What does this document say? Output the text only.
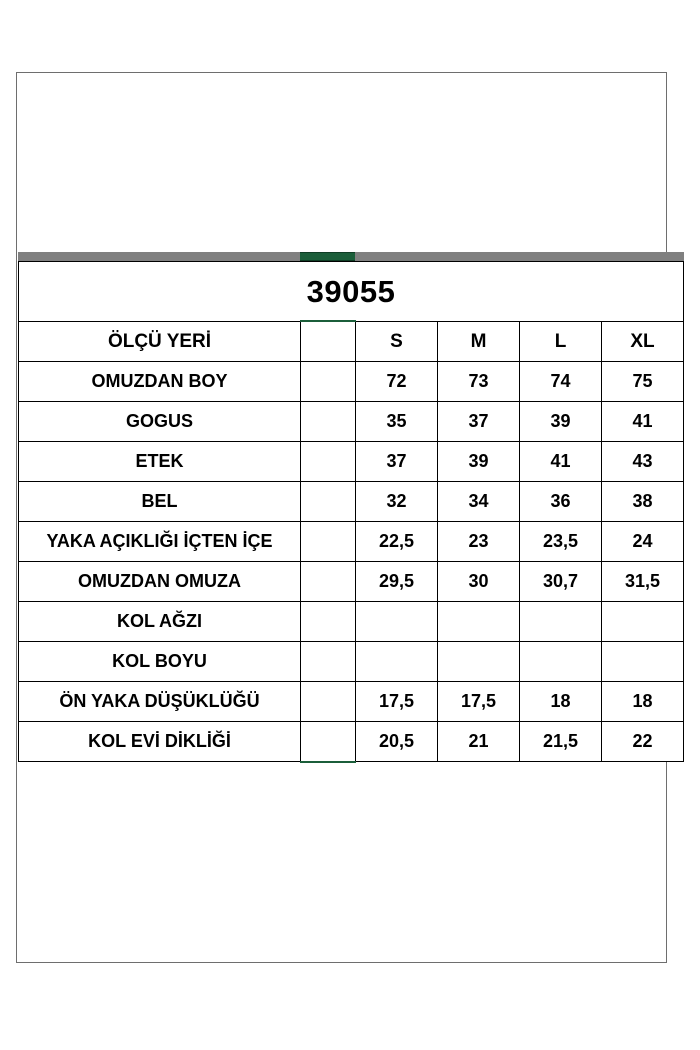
39055					
ÖLÇÜ YERİ		S	M	L	XL
OMUZDAN BOY		72	73	74	75
GOGUS		35	37	39	41
ETEK		37	39	41	43
BEL		32	34	36	38
YAKA AÇIKLIĞI İÇTEN İÇE		22,5	23	23,5	24
OMUZDAN OMUZA		29,5	30	30,7	31,5
KOL AĞZI					
KOL BOYU					
ÖN YAKA DÜŞÜKLÜĞÜ		17,5	17,5	18	18
KOL EVİ DİKLİĞİ		20,5	21	21,5	22
